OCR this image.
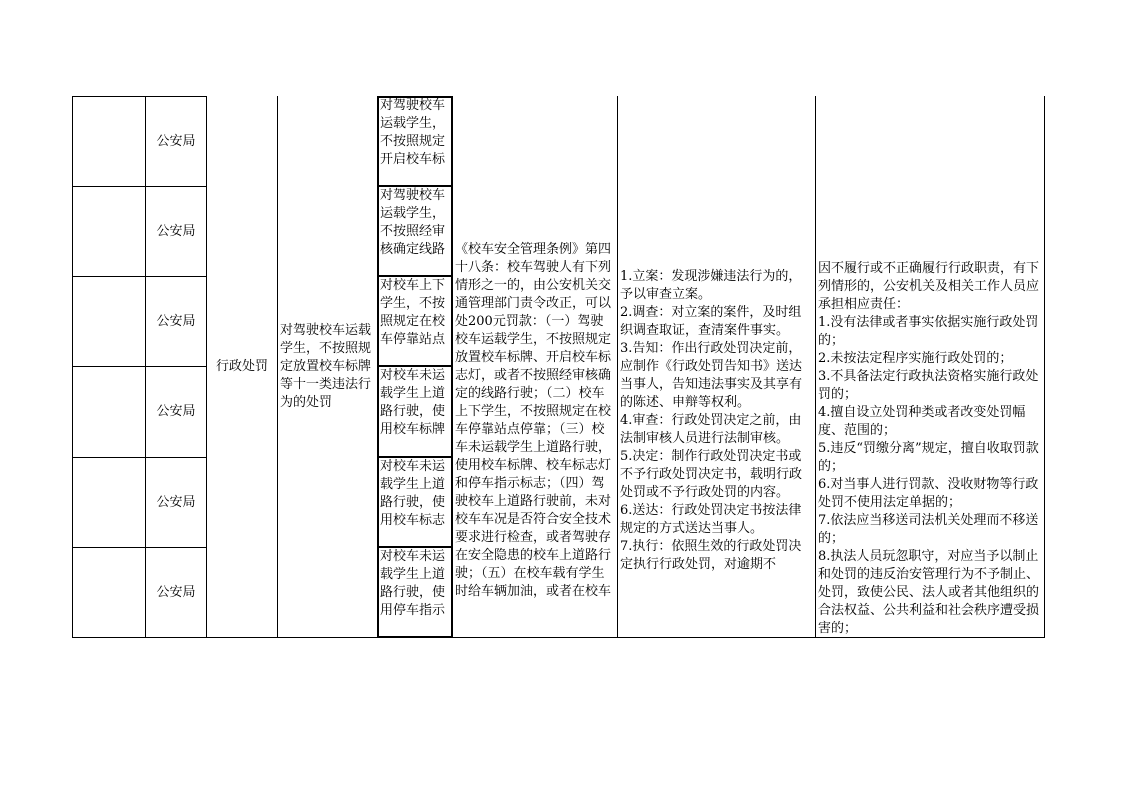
公安局
公安局
公安局
公安局
公安局
公安局
行政处罚
对驾驶校车运载学生，不按照规定放置校车标牌等十一类违法行为的处罚
对驾驶校车运载学生，不按照规定开启校车标
对驾驶校车运载学生，不按照经审核确定线路
对校车上下学生，不按照规定在校车停靠站点
对校车未运载学生上道路行驶，使用校车标牌
对校车未运载学生上道路行驶，使用校车标志
对校车未运载学生上道路行驶，使用停车指示
《校车安全管理条例》第四十八条：校车驾驶人有下列情形之一的，由公安机关交通管理部门责令改正，可以处200元罚款：（一）驾驶校车运载学生，不按照规定放置校车标牌、开启校车标志灯，或者不按照经审核确定的线路行驶；（二）校车上下学生，不按照规定在校车停靠站点停靠；（三）校车未运载学生上道路行驶，使用校车标牌、校车标志灯和停车指示标志；（四）驾驶校车上道路行驶前，未对校车车况是否符合安全技术要求进行检查，或者驾驶存在安全隐患的校车上道路行驶；（五）在校车载有学生时给车辆加油，或者在校车
1.立案：发现涉嫌违法行为的，予以审查立案。
2.调查：对立案的案件，及时组织调查取证，查清案件事实。
3.告知：作出行政处罚决定前，应制作《行政处罚告知书》送达当事人，告知违法事实及其享有的陈述、申辩等权利。
4.审查：行政处罚决定之前，由法制审核人员进行法制审核。
5.决定：制作行政处罚决定书或不予行政处罚决定书，载明行政处罚或不予行政处罚的内容。
6.送达：行政处罚决定书按法律规定的方式送达当事人。
7.执行：依照生效的行政处罚决定执行行政处罚，对逾期不
因不履行或不正确履行行政职责，有下列情形的，公安机关及相关工作人员应承担相应责任：
1.没有法律或者事实依据实施行政处罚的；
2.未按法定程序实施行政处罚的；
3.不具备法定行政执法资格实施行政处罚的；
4.擅自设立处罚种类或者改变处罚幅度、范围的；
5.违反“罚缴分离”规定，擅自收取罚款的；
6.对当事人进行罚款、没收财物等行政处罚不使用法定单据的；
7.依法应当移送司法机关处理而不移送的；
8.执法人员玩忽职守，对应当予以制止和处罚的违反治安管理行为不予制止、处罚，致使公民、法人或者其他组织的合法权益、公共利益和社会秩序遭受损害的；
